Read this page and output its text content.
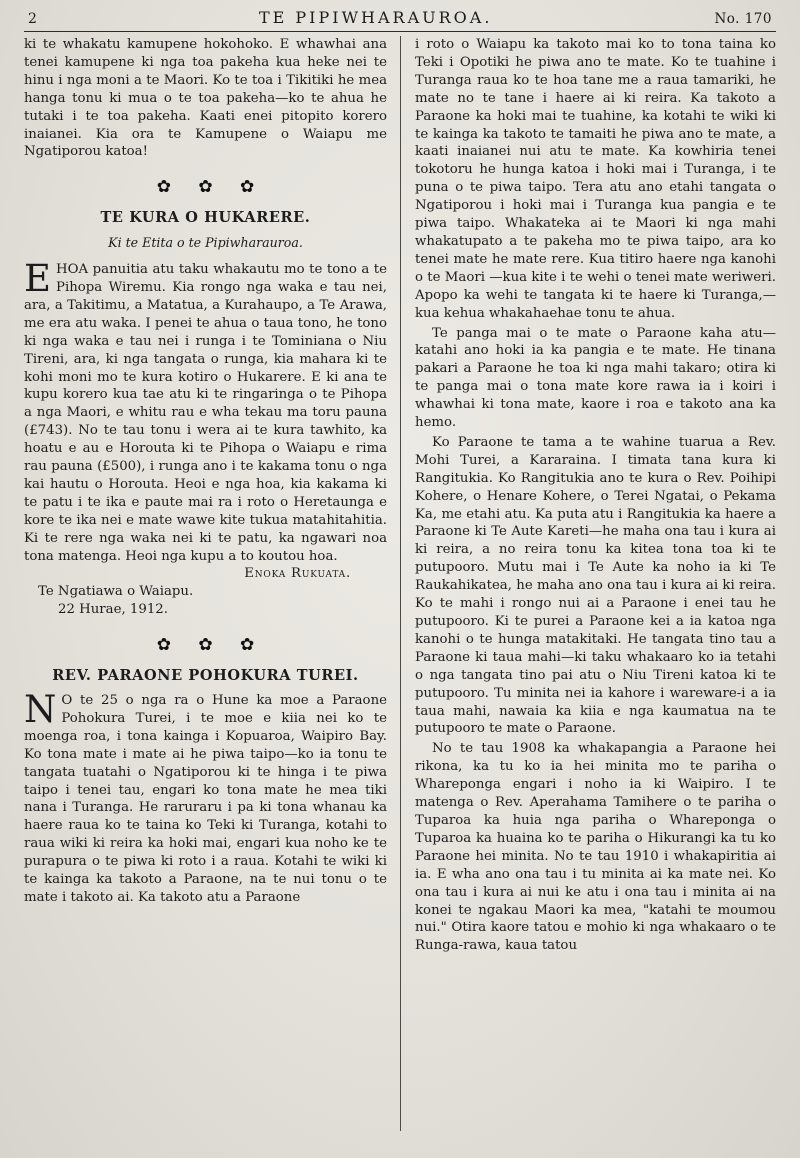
2	TE PIPIWHARAUROA.	No. 170

ki te whakatu kamupene hokohoko. E whawhai ana tenei kamupene ki nga toa pakeha kua heke nei te hinu i nga moni a te Maori. Ko te toa i Tikitiki he mea hanga tonu ki mua o te toa pakeha—ko te ahua he tutaki i te toa pakeha. Kaati enei pitopito korero inaianei. Kia ora te Kamupene o Waiapu me Ngatiporou katoa!

✿ ✿ ✿
TE KURA O HUKARERE.
Ki te Etita o te Pipiwharauroa.

EHOA panuitia atu taku whakautu mo te tono a te Pihopa Wiremu. Kia rongo nga waka e tau nei, ara, a Takitimu, a Matatua, a Kurahaupo, a Te Arawa, me era atu waka. I penei te ahua o taua tono, he tono ki nga waka e tau nei i runga i te Tominiana o Niu Tireni, ara, ki nga tangata o runga, kia mahara ki te kohi moni mo te kura kotiro o Hukarere. E ki ana te kupu korero kua tae atu ki te ringaringa o te Pihopa a nga Maori, e whitu rau e wha tekau ma toru pauna (£743). No te tau tonu i wera ai te kura tawhito, ka hoatu e au e Horouta ki te Pihopa o Waiapu e rima rau pauna (£500), i runga ano i te kakama tonu o nga kai hautu o Horouta. Heoi e nga hoa, kia kakama ki te patu i te ika e paute mai ra i roto o Heretaunga e kore te ika nei e mate wawe kite tukua matahitahitia. Ki te rere nga waka nei ki te patu, ka ngawari noa tona matenga. Heoi nga kupu a to koutou hoa.

Enoka Rukuata.

Te Ngatiawa o Waiapu.

22 Hurae, 1912.

✿ ✿ ✿
REV. PARAONE POHOKURA TUREI.

N O te 25 o nga ra o Hune ka moe a Paraone Pohokura Turei, i te moe e kiia nei ko te moenga roa, i tona kainga i Kopuaroa, Waipiro Bay. Ko tona mate i mate ai he piwa taipo—ko ia tonu te tangata tuatahi o Ngatiporou ki te hinga i te piwa taipo i tenei tau, engari ko tona mate he mea tiki nana i Turanga. He raruraru i pa ki tona whanau ka haere raua ko te taina ko Teki ki Turanga, kotahi to raua wiki ki reira ka hoki mai, engari kua noho ke te purapura o te piwa ki roto i a raua. Kotahi te wiki ki te kainga ka takoto a Paraone, na te nui tonu o te mate i takoto ai. Ka takoto atu a Paraone

i roto o Waiapu ka takoto mai ko to tona taina ko Teki i Opotiki he piwa ano te mate. Ko te tuahine i Turanga raua ko te hoa tane me a raua tamariki, he mate no te tane i haere ai ki reira. Ka takoto a Paraone ka hoki mai te tuahine, ka kotahi te wiki ki te kainga ka takoto te tamaiti he piwa ano te mate, a kaati inaianei nui atu te mate. Ka kowhiria tenei tokotoru he hunga katoa i hoki mai i Turanga, i te puna o te piwa taipo. Tera atu ano etahi tangata o Ngatiporou i hoki mai i Turanga kua pangia e te piwa taipo. Whakateka ai te Maori ki nga mahi whakatupato a te pakeha mo te piwa taipo, ara ko tenei mate he mate rere. Kua titiro haere nga kanohi o te Maori —kua kite i te wehi o tenei mate weriweri. Apopo ka wehi te tangata ki te haere ki Turanga,—kua kehua whakahaehae tonu te ahua.

Te panga mai o te mate o Paraone kaha atu—katahi ano hoki ia ka pangia e te mate. He tinana pakari a Paraone he toa ki nga mahi takaro; otira ki te panga mai o tona mate kore rawa ia i koiri i whawhai ki tona mate, kaore i roa e takoto ana ka hemo.

Ko Paraone te tama a te wahine tuarua a Rev. Mohi Turei, a Kararaina. I timata tana kura ki Rangitukia. Ko Rangitukia ano te kura o Rev. Poihipi Kohere, o Henare Kohere, o Terei Ngatai, o Pekama Ka, me etahi atu. Ka puta atu i Rangitukia ka haere a Paraone ki Te Aute Kareti—he maha ona tau i kura ai ki reira, a no reira tonu ka kitea tona toa ki te putupooro. Mutu mai i Te Aute ka noho ia ki Te Raukahikatea, he maha ano ona tau i kura ai ki reira. Ko te mahi i rongo nui ai a Paraone i enei tau he putupooro. Ki te purei a Paraone kei a ia katoa nga kanohi o te hunga matakitaki. He tangata tino tau a Paraone ki taua mahi—ki taku whakaaro ko ia tetahi o nga tangata tino pai atu o Niu Tireni katoa ki te putupooro. Tu minita nei ia kahore i wareware-i a ia taua mahi, nawaia ka kiia e nga kaumatua na te putupooro te mate o Paraone.

No te tau 1908 ka whakapangia a Paraone hei rikona, ka tu ko ia hei minita mo te pariha o Whareponga engari i noho ia ki Waipiro. I te matenga o Rev. Aperahama Tamihere o te pariha o Tuparoa ka huia nga pariha o Whareponga o Tuparoa ka huaina ko te pariha o Hikurangi ka tu ko Paraone hei minita. No te tau 1910 i whakapiritia ai ia. E wha ano ona tau i tu minita ai ka mate nei. Ko ona tau i kura ai nui ke atu i ona tau i minita ai na konei te ngakau Maori ka mea, "katahi te moumou nui." Otira kaore tatou e mohio ki nga whakaaro o te Runga-rawa, kaua tatou
